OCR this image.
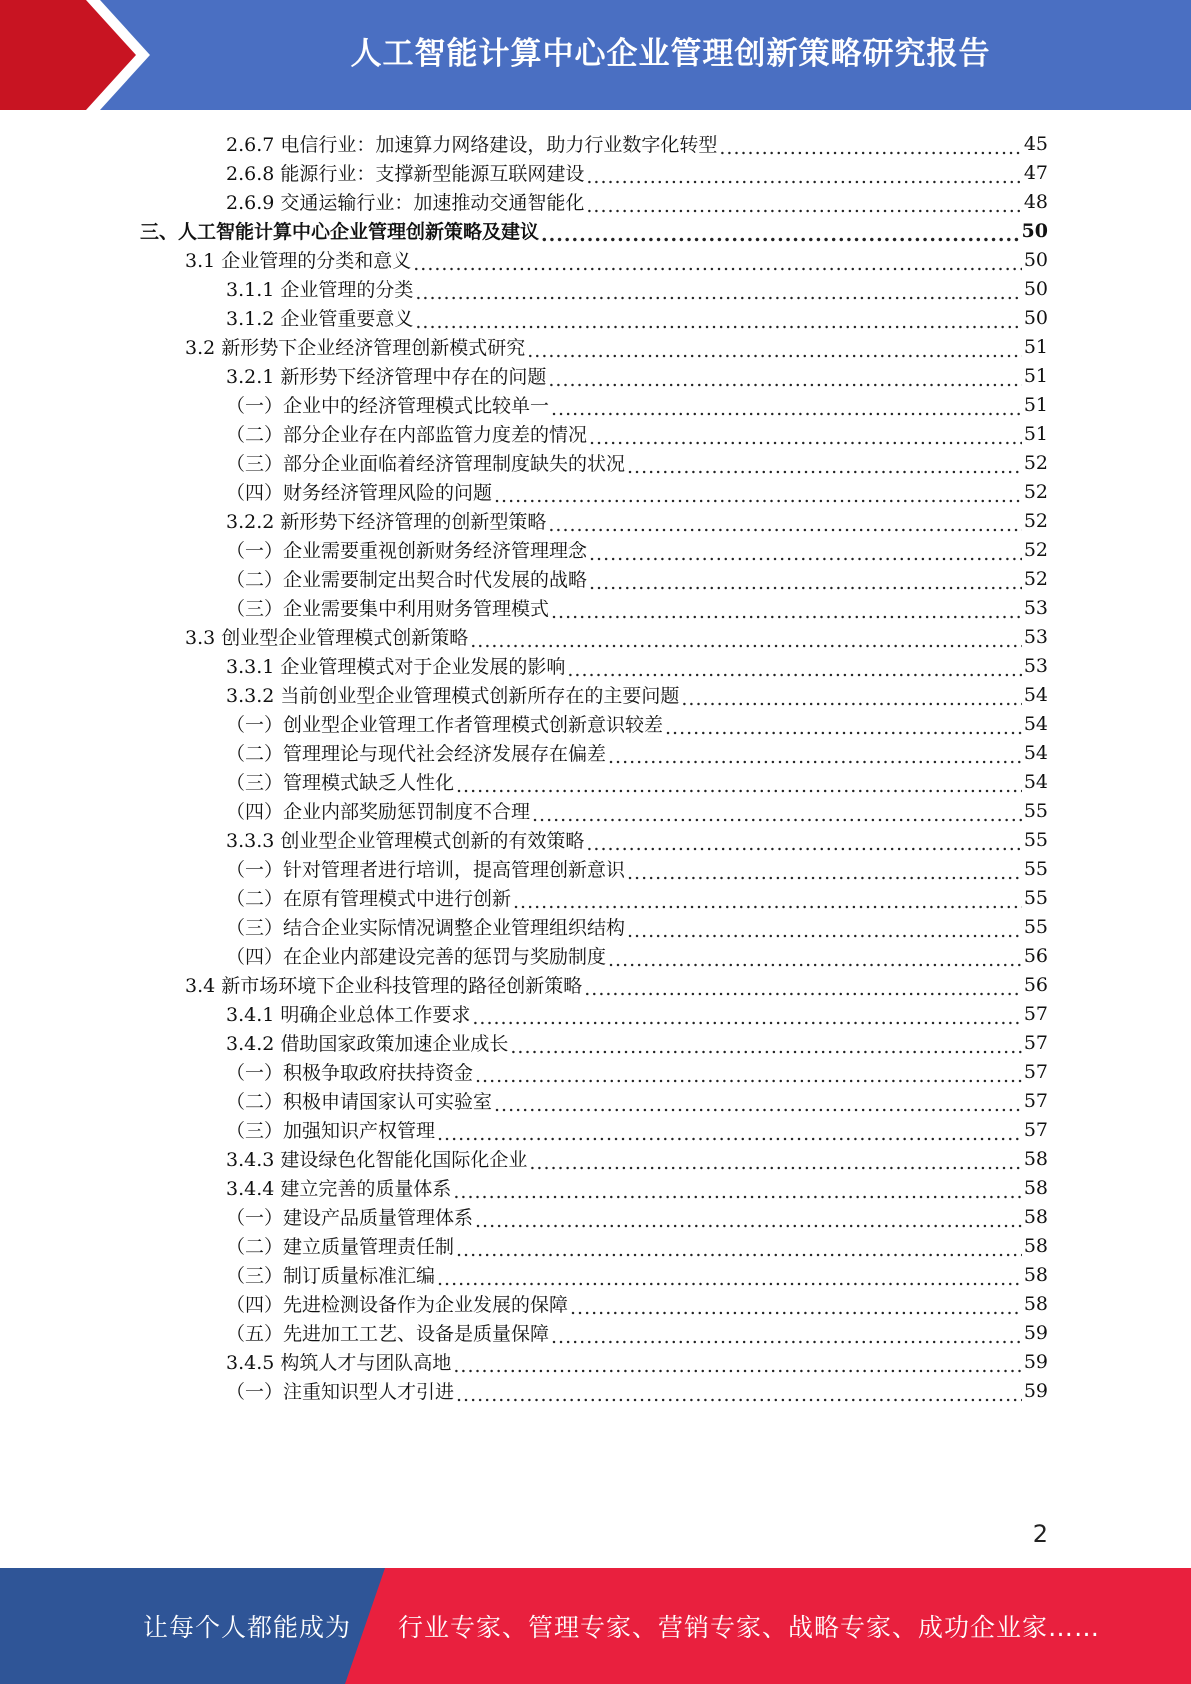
人工智能计算中心企业管理创新策略研究报告
2.6.7 电信行业：加速算力网络建设，助力行业数字化转型 .....	45
2.6.8 能源行业：支撑新型能源互联网建设 .....	47
2.6.9 交通运输行业：加速推动交通智能化 .....	48
三、人工智能计算中心企业管理创新策略及建议 .....	50
3.1 企业管理的分类和意义 .....	50
3.1.1 企业管理的分类 .....	50
3.1.2 企业管重要意义 .....	50
3.2 新形势下企业经济管理创新模式研究 .....	51
3.2.1 新形势下经济管理中存在的问题 .....	51
（一）企业中的经济管理模式比较单一 .....	51
（二）部分企业存在内部监管力度差的情况 .....	51
（三）部分企业面临着经济管理制度缺失的状况 .....	52
（四）财务经济管理风险的问题 .....	52
3.2.2 新形势下经济管理的创新型策略 .....	52
（一）企业需要重视创新财务经济管理理念 .....	52
（二）企业需要制定出契合时代发展的战略 .....	52
（三）企业需要集中利用财务管理模式 .....	53
3.3 创业型企业管理模式创新策略 .....	53
3.3.1 企业管理模式对于企业发展的影响 .....	53
3.3.2 当前创业型企业管理模式创新所存在的主要问题 .....	54
（一）创业型企业管理工作者管理模式创新意识较差 .....	54
（二）管理理论与现代社会经济发展存在偏差 .....	54
（三）管理模式缺乏人性化 .....	54
（四）企业内部奖励惩罚制度不合理 .....	55
3.3.3 创业型企业管理模式创新的有效策略 .....	55
（一）针对管理者进行培训，提高管理创新意识 .....	55
（二）在原有管理模式中进行创新 .....	55
（三）结合企业实际情况调整企业管理组织结构 .....	55
（四）在企业内部建设完善的惩罚与奖励制度 .....	56
3.4 新市场环境下企业科技管理的路径创新策略 .....	56
3.4.1 明确企业总体工作要求 .....	57
3.4.2 借助国家政策加速企业成长 .....	57
（一）积极争取政府扶持资金 .....	57
（二）积极申请国家认可实验室 .....	57
（三）加强知识产权管理 .....	57
3.4.3 建设绿色化智能化国际化企业 .....	58
3.4.4 建立完善的质量体系 .....	58
（一）建设产品质量管理体系 .....	58
（二）建立质量管理责任制 .....	58
（三）制订质量标准汇编 .....	58
（四）先进检测设备作为企业发展的保障 .....	58
（五）先进加工工艺、设备是质量保障 .....	59
3.4.5 构筑人才与团队高地 .....	59
（一）注重知识型人才引进 .....	59
2
让每个人都能成为 行业专家、管理专家、营销专家、战略专家、成功企业家……
